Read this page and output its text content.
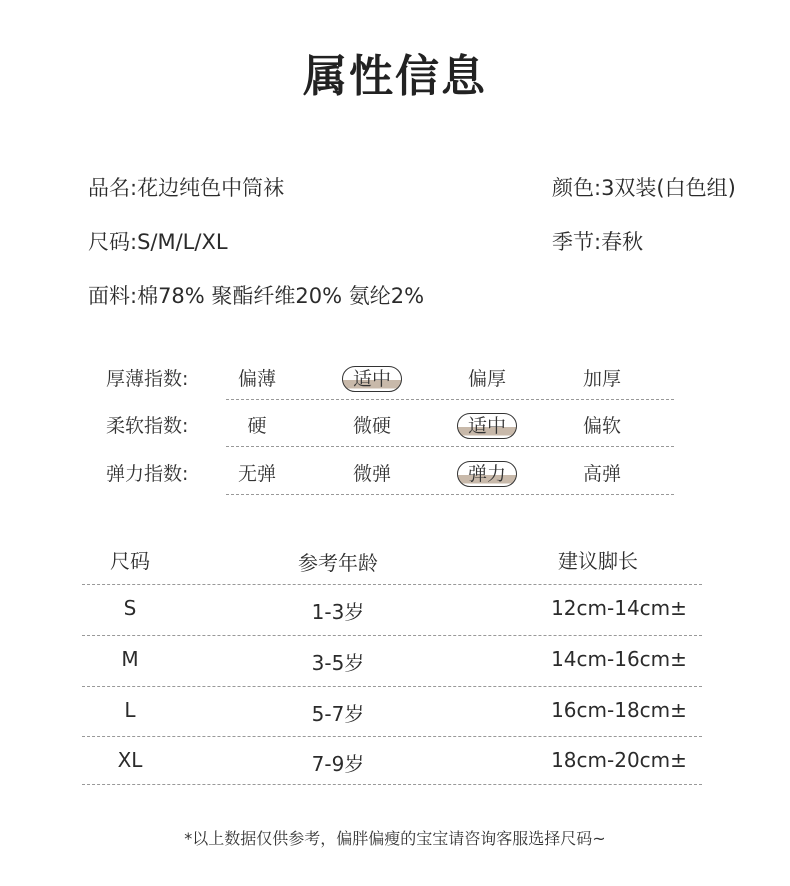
属性信息
品名:花边纯色中筒袜	颜色:3双装(白色组)
尺码:S/M/L/XL	季节:春秋
面料:棉78% 聚酯纤维20% 氨纶2%
厚薄指数:	偏薄	适中	偏厚	加厚
柔软指数:	硬	微硬	适中	偏软
弹力指数:	无弹	微弹	弹力	高弹
尺码	参考年龄	建议脚长
S	1-3岁	12cm-14cm±
M	3-5岁	14cm-16cm±
L	5-7岁	16cm-18cm±
XL	7-9岁	18cm-20cm±
*以上数据仅供参考，偏胖偏瘦的宝宝请咨询客服选择尺码~
